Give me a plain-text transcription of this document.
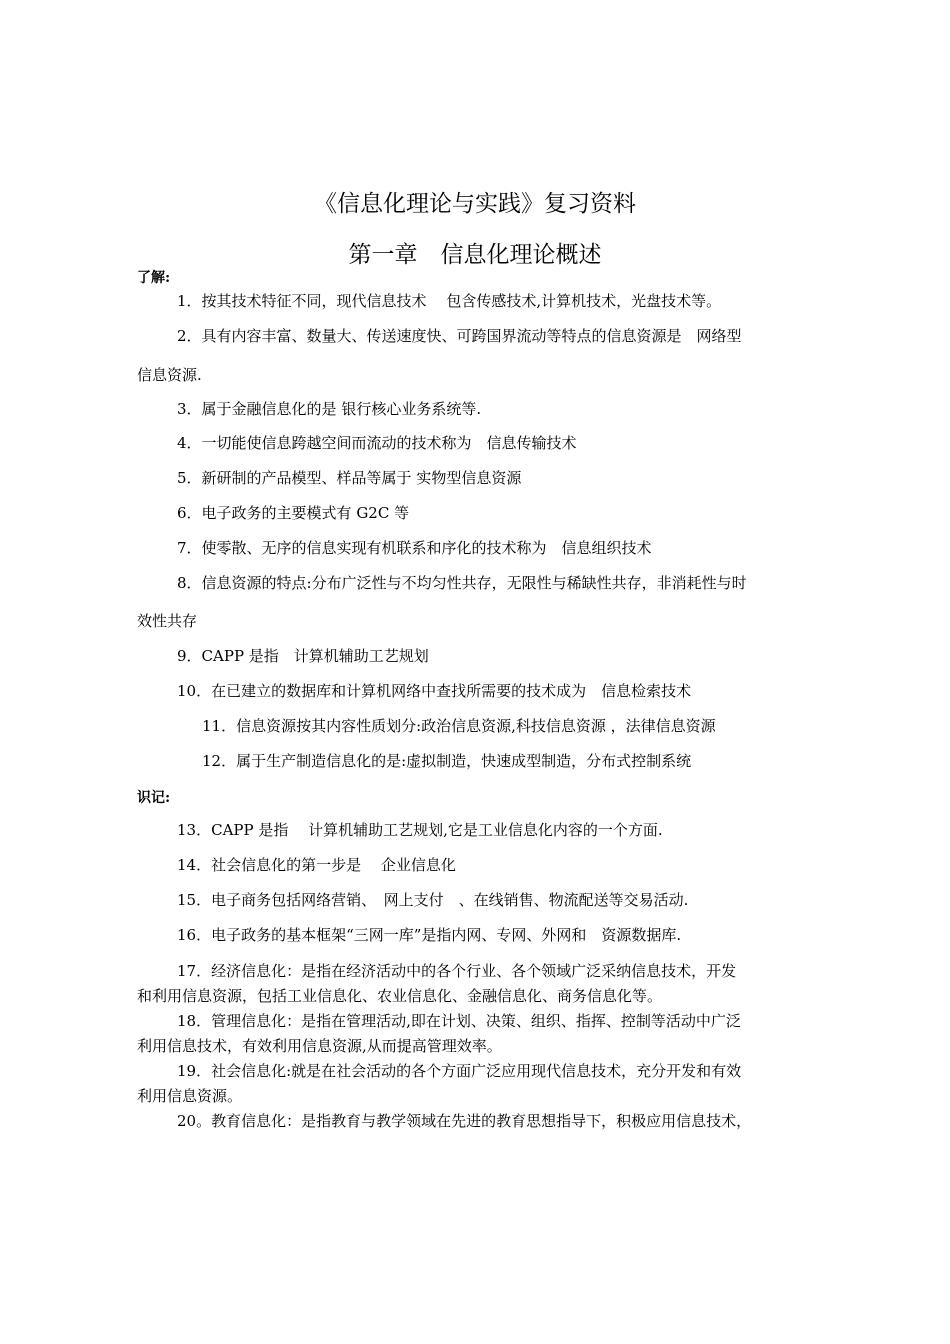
《信息化理论与实践》复习资料
第一章　信息化理论概述
了解:
1．按其技术特征不同，现代信息技术　 包含传感技术,计算机技术，光盘技术等。
2．具有内容丰富、数量大、传送速度快、可跨国界流动等特点的信息资源是　网络型
信息资源.
3．属于金融信息化的是 银行核心业务系统等.
4．一切能使信息跨越空间而流动的技术称为　信息传输技术
5．新研制的产品模型、样品等属于 实物型信息资源
6．电子政务的主要模式有 G2C 等
7．使零散、无序的信息实现有机联系和序化的技术称为　信息组织技术
8．信息资源的特点:分布广泛性与不均匀性共存，无限性与稀缺性共存，非消耗性与时
效性共存
9．CAPP 是指　计算机辅助工艺规划
10．在已建立的数据库和计算机网络中查找所需要的技术成为　信息检索技术
11．信息资源按其内容性质划分:政治信息资源,科技信息资源 ，法律信息资源
12．属于生产制造信息化的是:虚拟制造，快速成型制造，分布式控制系统
识记:
13．CAPP 是指　 计算机辅助工艺规划,它是工业信息化内容的一个方面.
14．社会信息化的第一步是　 企业信息化
15．电子商务包括网络营销、　网上支付　、在线销售、物流配送等交易活动.
16．电子政务的基本框架“三网一库”是指内网、专网、外网和　资源数据库.
17．经济信息化：是指在经济活动中的各个行业、各个领域广泛采纳信息技术，开发
和利用信息资源，包括工业信息化、农业信息化、金融信息化、商务信息化等。
18．管理信息化：是指在管理活动,即在计划、决策、组织、指挥、控制等活动中广泛
利用信息技术，有效利用信息资源,从而提高管理效率。
19．社会信息化:就是在社会活动的各个方面广泛应用现代信息技术，充分开发和有效
利用信息资源。
20。教育信息化：是指教育与教学领域在先进的教育思想指导下，积极应用信息技术，
